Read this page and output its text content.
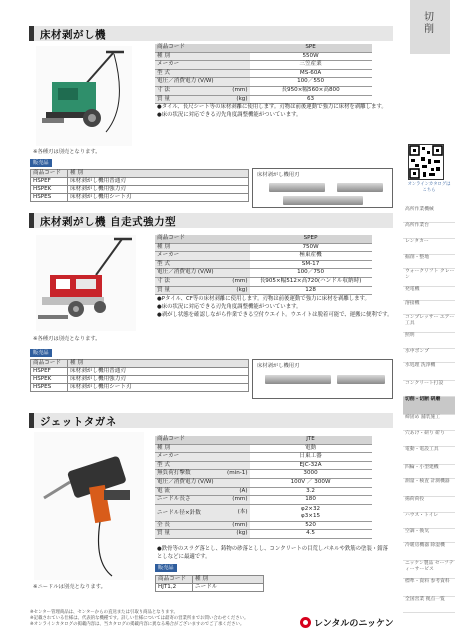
床材剥がし機
※各種刃は別売となります。
商品コード		SPE
種 別		550W
メーカー		三笠産業
型 式		MS-60A
電圧／消費電力 (V/W)		100／550
寸 法	(mm)	長950×幅560×高800
質 量	(kg)	63
●タイル、長尺シート等の床材剥離に使用します。刃物は前後運動で強力に床材を剥離します。
●床の状況に対応できる刃先角度調整機能がついています。
販売品
商品コード	種 別
HSPEF	床材剥がし機用普通刃
HSPEK	床材剥がし機用強力刃
HSPES	床材剥がし機用シート刃
床材剥がし機用刃
床材剥がし機 自走式強力型
※各種刃は別売となります。
商品コード		SPEP
種 別		750W
メーカー		極東産機
型 式		SM-17
電圧／消費電力 (V/W)		100／750
寸 法	(mm)	長905×幅512×高720(ハンドル収納時)
質 量	(kg)	128
●Pタイル、CF等の床材剥離に使用します。刃物は前後運動で強力に床材を剥離します。
●床の状況に対応できる刃先角度調整機能がついています。
●剥がし状態を確認しながら作業できる空付ウエイト。ウエイトは脱着可能で、運搬に便利です。
販売品
商品コード	種 別
HSPEF	床材剥がし機用普通刃
HSPEK	床材剥がし機用強力刃
HSPES	床材剥がし機用シート刃
床材剥がし機用刃
ジェットタガネ
※ニードルは別売となります。
商品コード		JTE
種 別		電動
メーカー		日東工器
型 式		EJC-32A
無負荷打撃数	(min-1)	3000
電圧／消費電力 (V/W)		100V ／ 300W
電 流	(A)	3.2
ニードル長さ	(mm)	180
ニードル径×針数	(本)	φ2×32
φ3×15
全 長	(mm)	520
質 量	(kg)	4.5
●鉄骨等のスラグ落とし、鋳物の砂落としし、コンクリートの目荒しパネルや鉄筋の塗装・錆落としなどに最適です。
販売品
商品コード	種 別
HJT1,2	ニードル
※センター管理商品は、センターからの直送または引取り商品となります。
※記載されている仕様は、代表的な機種です。詳しい仕様については最寄の営業所までお問い合わせください。
※オンラインカタログの掲載内容は、当カタログの掲載内容に異なる場合がございますのでご了承ください。	レンタルのニッケン
切削
オンラインカタログは
こちら
高所作業機械
高所作業台
レンタカー
掘削・整地
ウォークリフト クレーン
発電機
溶接機
コンプレッサー エアー工具
照明
水中ポンプ
水処理 洗浄機
コンクリート打設
切削・切断 研磨
締固め 舗装施工
穴あけ・研り 斫り
電動・電設工具
四輪・小型建機
測量・検査 計測機器
揚荷荷役
ハウス・トイレ
空調・換気
冷暖房機器 除湿機
ニッケン製品 セーフティーサービス
標準・資料 参考資料
全国営業 拠点一覧
